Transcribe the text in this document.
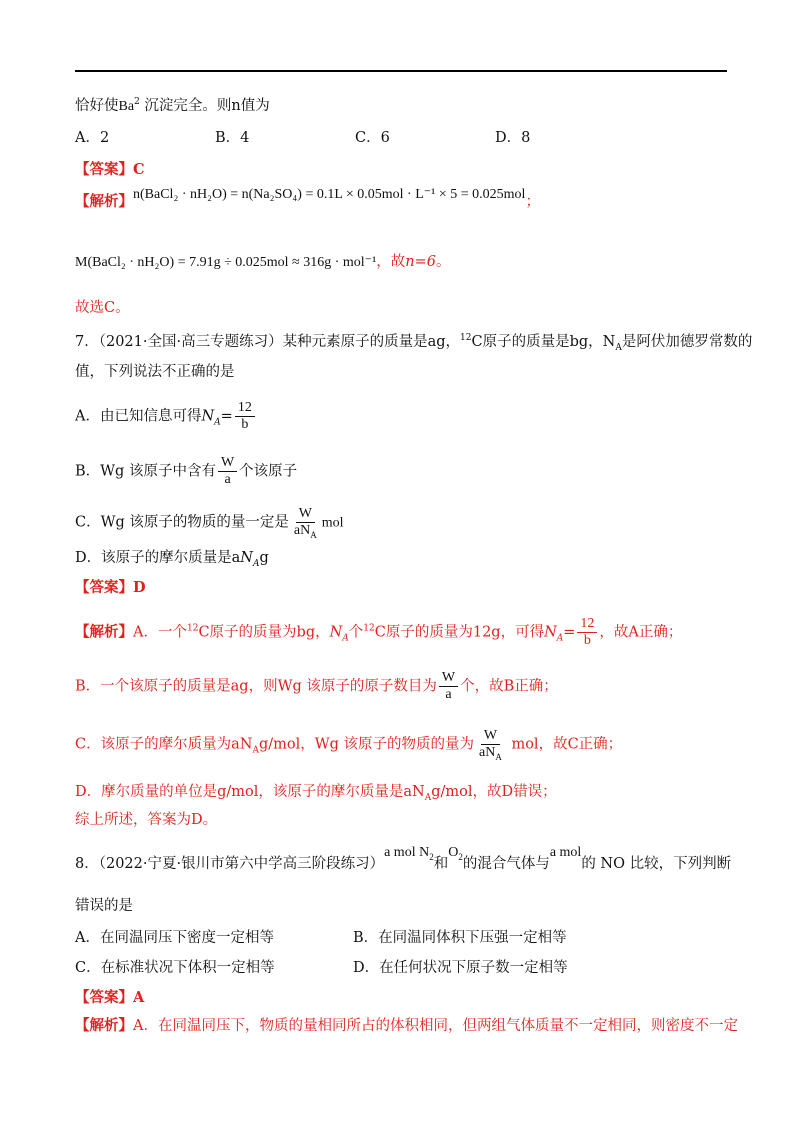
恰好使Ba$^2$ 沉淀完全。则n值为
A．2	B．4	C．6	D．8
【答案】C
【解析】n(BaCl₂ · nH₂O) = n(Na₂SO₄) = 0.1L × 0.05mol · L⁻¹ × 5 = 0.025mol；
M(BaCl₂ · nH₂O) = 7.91g ÷ 0.025mol ≈ 316g · mol⁻¹，故n=6。
故选C。
7．（2021·全国·高三专题练习）某种元素原子的质量是ag，$^{12}$C原子的质量是bg，$N_A$是阿伏加德罗常数的
值，下列说法不正确的是
A．由已知信息可得$N_A= \frac{12}{b}$
B．Wg 该原子中含有 $\frac{W}{a}$ 个该原子
C．Wg 该原子的物质的量一定是 $\frac{W}{aN_A}$ mol
D．该原子的摩尔质量是$aN_Ag$
【答案】D
【解析】A．一个$^{12}$C原子的质量为bg，$N_A$个$^{12}$C原子的质量为12g，可得$N_A= \frac{12}{b}$ ，故A正确；
B．一个该原子的质量是ag，则Wg 该原子的原子数目为 $\frac{W}{a}$ 个，故B正确；
C．该原子的摩尔质量为$aN_Ag$/mol，Wg 该原子的物质的量为 $\frac{W}{aN_A}$ mol，故C正确；
D．摩尔质量的单位是g/mol，该原子的摩尔质量是$aN_Ag$/mol，故D错误；
综上所述，答案为D。
8．（2022·宁夏·银川市第六中学高三阶段练习）a mol $N_2$和$O_2$的混合气体与a mol的 NO 比较，下列判断
错误的是
A．在同温同压下密度一定相等	B．在同温同体积下压强一定相等
C．在标准状况下体积一定相等	D．在任何状况下原子数一定相等
【答案】A
【解析】A．在同温同压下，物质的量相同所占的体积相同，但两组气体质量不一定相同，则密度不一定
